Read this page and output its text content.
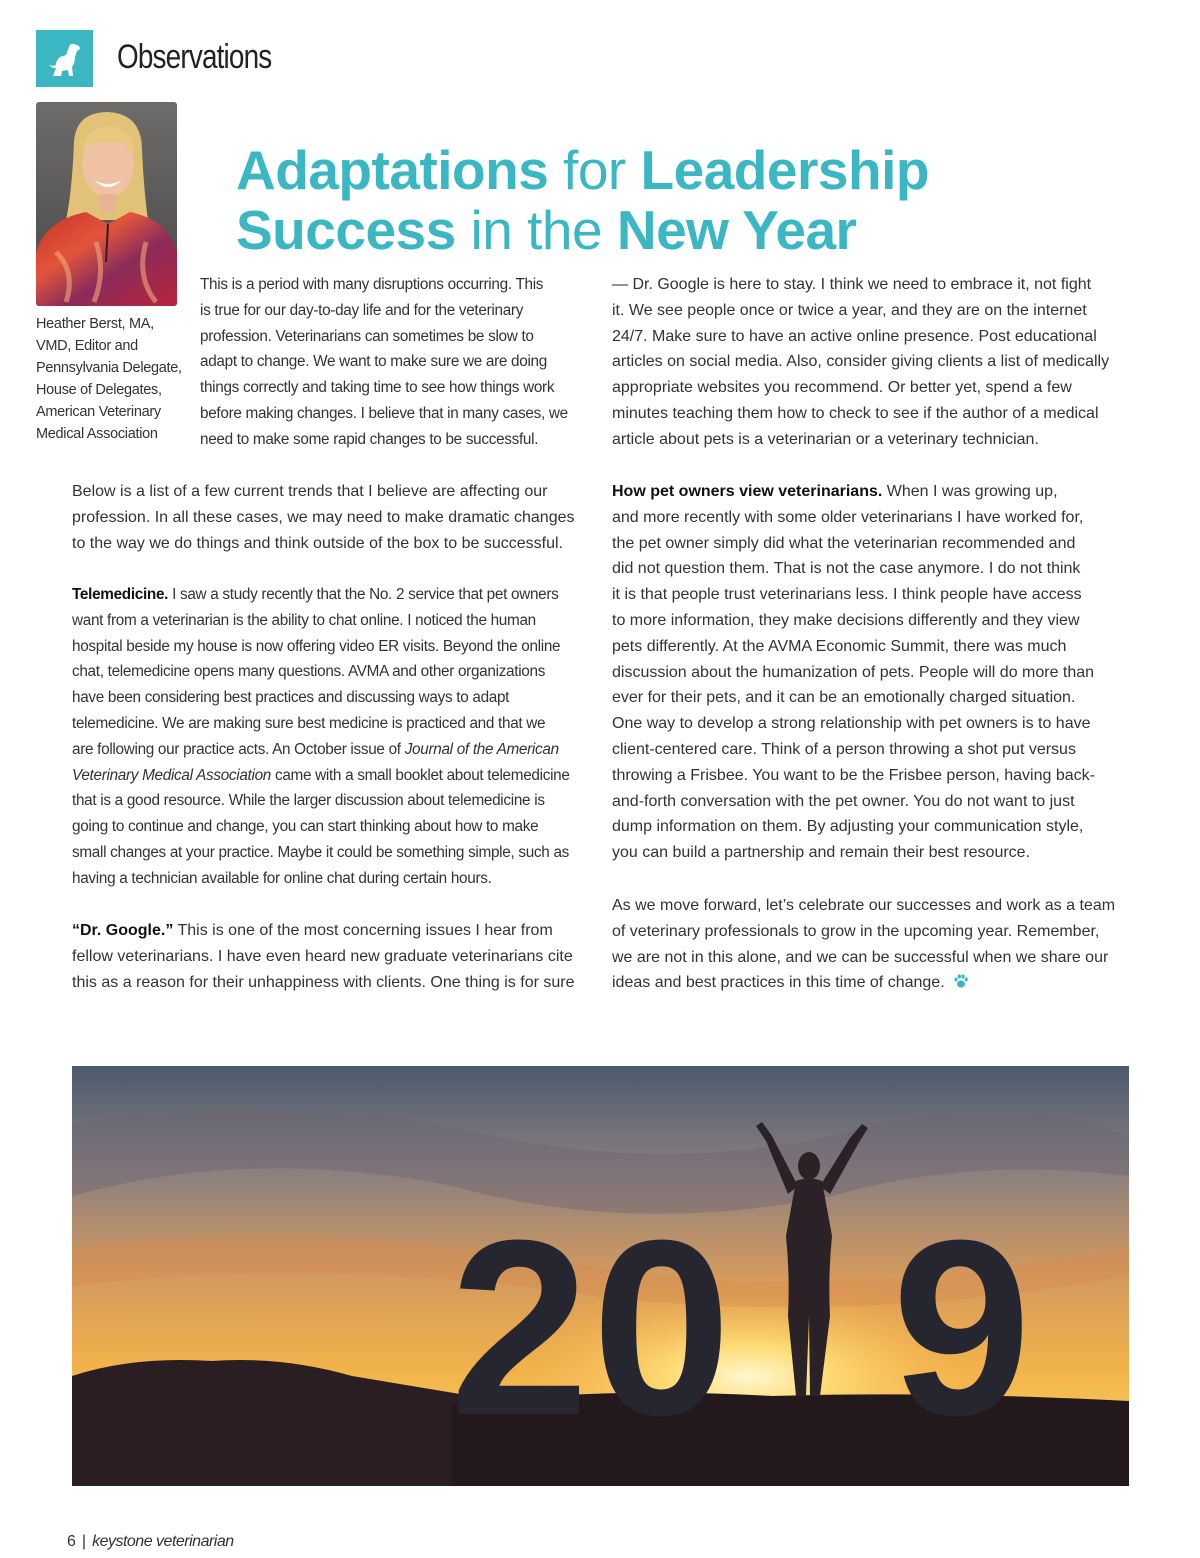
Observations
Heather Berst, MA,
VMD, Editor and
Pennsylvania Delegate,
House of Delegates,
American Veterinary
Medical Association
Adaptations for Leadership
Success in the New Year
This is a period with many disruptions occurring. This
is true for our day-to-day life and for the veterinary
profession. Veterinarians can sometimes be slow to
adapt to change. We want to make sure we are doing
things correctly and taking time to see how things work
before making changes. I believe that in many cases, we
need to make some rapid changes to be successful.
— Dr. Google is here to stay. I think we need to embrace it, not fight
it. We see people once or twice a year, and they are on the internet
24/7. Make sure to have an active online presence. Post educational
articles on social media. Also, consider giving clients a list of medically
appropriate websites you recommend. Or better yet, spend a few
minutes teaching them how to check to see if the author of a medical
article about pets is a veterinarian or a veterinary technician.
Below is a list of a few current trends that I believe are affecting our
profession. In all these cases, we may need to make dramatic changes
to the way we do things and think outside of the box to be successful.
Telemedicine. I saw a study recently that the No. 2 service that pet owners
want from a veterinarian is the ability to chat online. I noticed the human
hospital beside my house is now offering video ER visits. Beyond the online
chat, telemedicine opens many questions. AVMA and other organizations
have been considering best practices and discussing ways to adapt
telemedicine. We are making sure best medicine is practiced and that we
are following our practice acts. An October issue of Journal of the American
Veterinary Medical Association came with a small booklet about telemedicine
that is a good resource. While the larger discussion about telemedicine is
going to continue and change, you can start thinking about how to make
small changes at your practice. Maybe it could be something simple, such as
having a technician available for online chat during certain hours.
“Dr. Google.” This is one of the most concerning issues I hear from
fellow veterinarians. I have even heard new graduate veterinarians cite
this as a reason for their unhappiness with clients. One thing is for sure
How pet owners view veterinarians. When I was growing up,
and more recently with some older veterinarians I have worked for,
the pet owner simply did what the veterinarian recommended and
did not question them. That is not the case anymore. I do not think
it is that people trust veterinarians less. I think people have access
to more information, they make decisions differently and they view
pets differently. At the AVMA Economic Summit, there was much
discussion about the humanization of pets. People will do more than
ever for their pets, and it can be an emotionally charged situation.
One way to develop a strong relationship with pet owners is to have
client-centered care. Think of a person throwing a shot put versus
throwing a Frisbee. You want to be the Frisbee person, having back-
and-forth conversation with the pet owner. You do not want to just
dump information on them. By adjusting your communication style,
you can build a partnership and remain their best resource.
As we move forward, let’s celebrate our successes and work as a team
of veterinary professionals to grow in the upcoming year. Remember,
we are not in this alone, and we can be successful when we share our
ideas and best practices in this time of change.
2 0 9
6 | keystone veterinarian
